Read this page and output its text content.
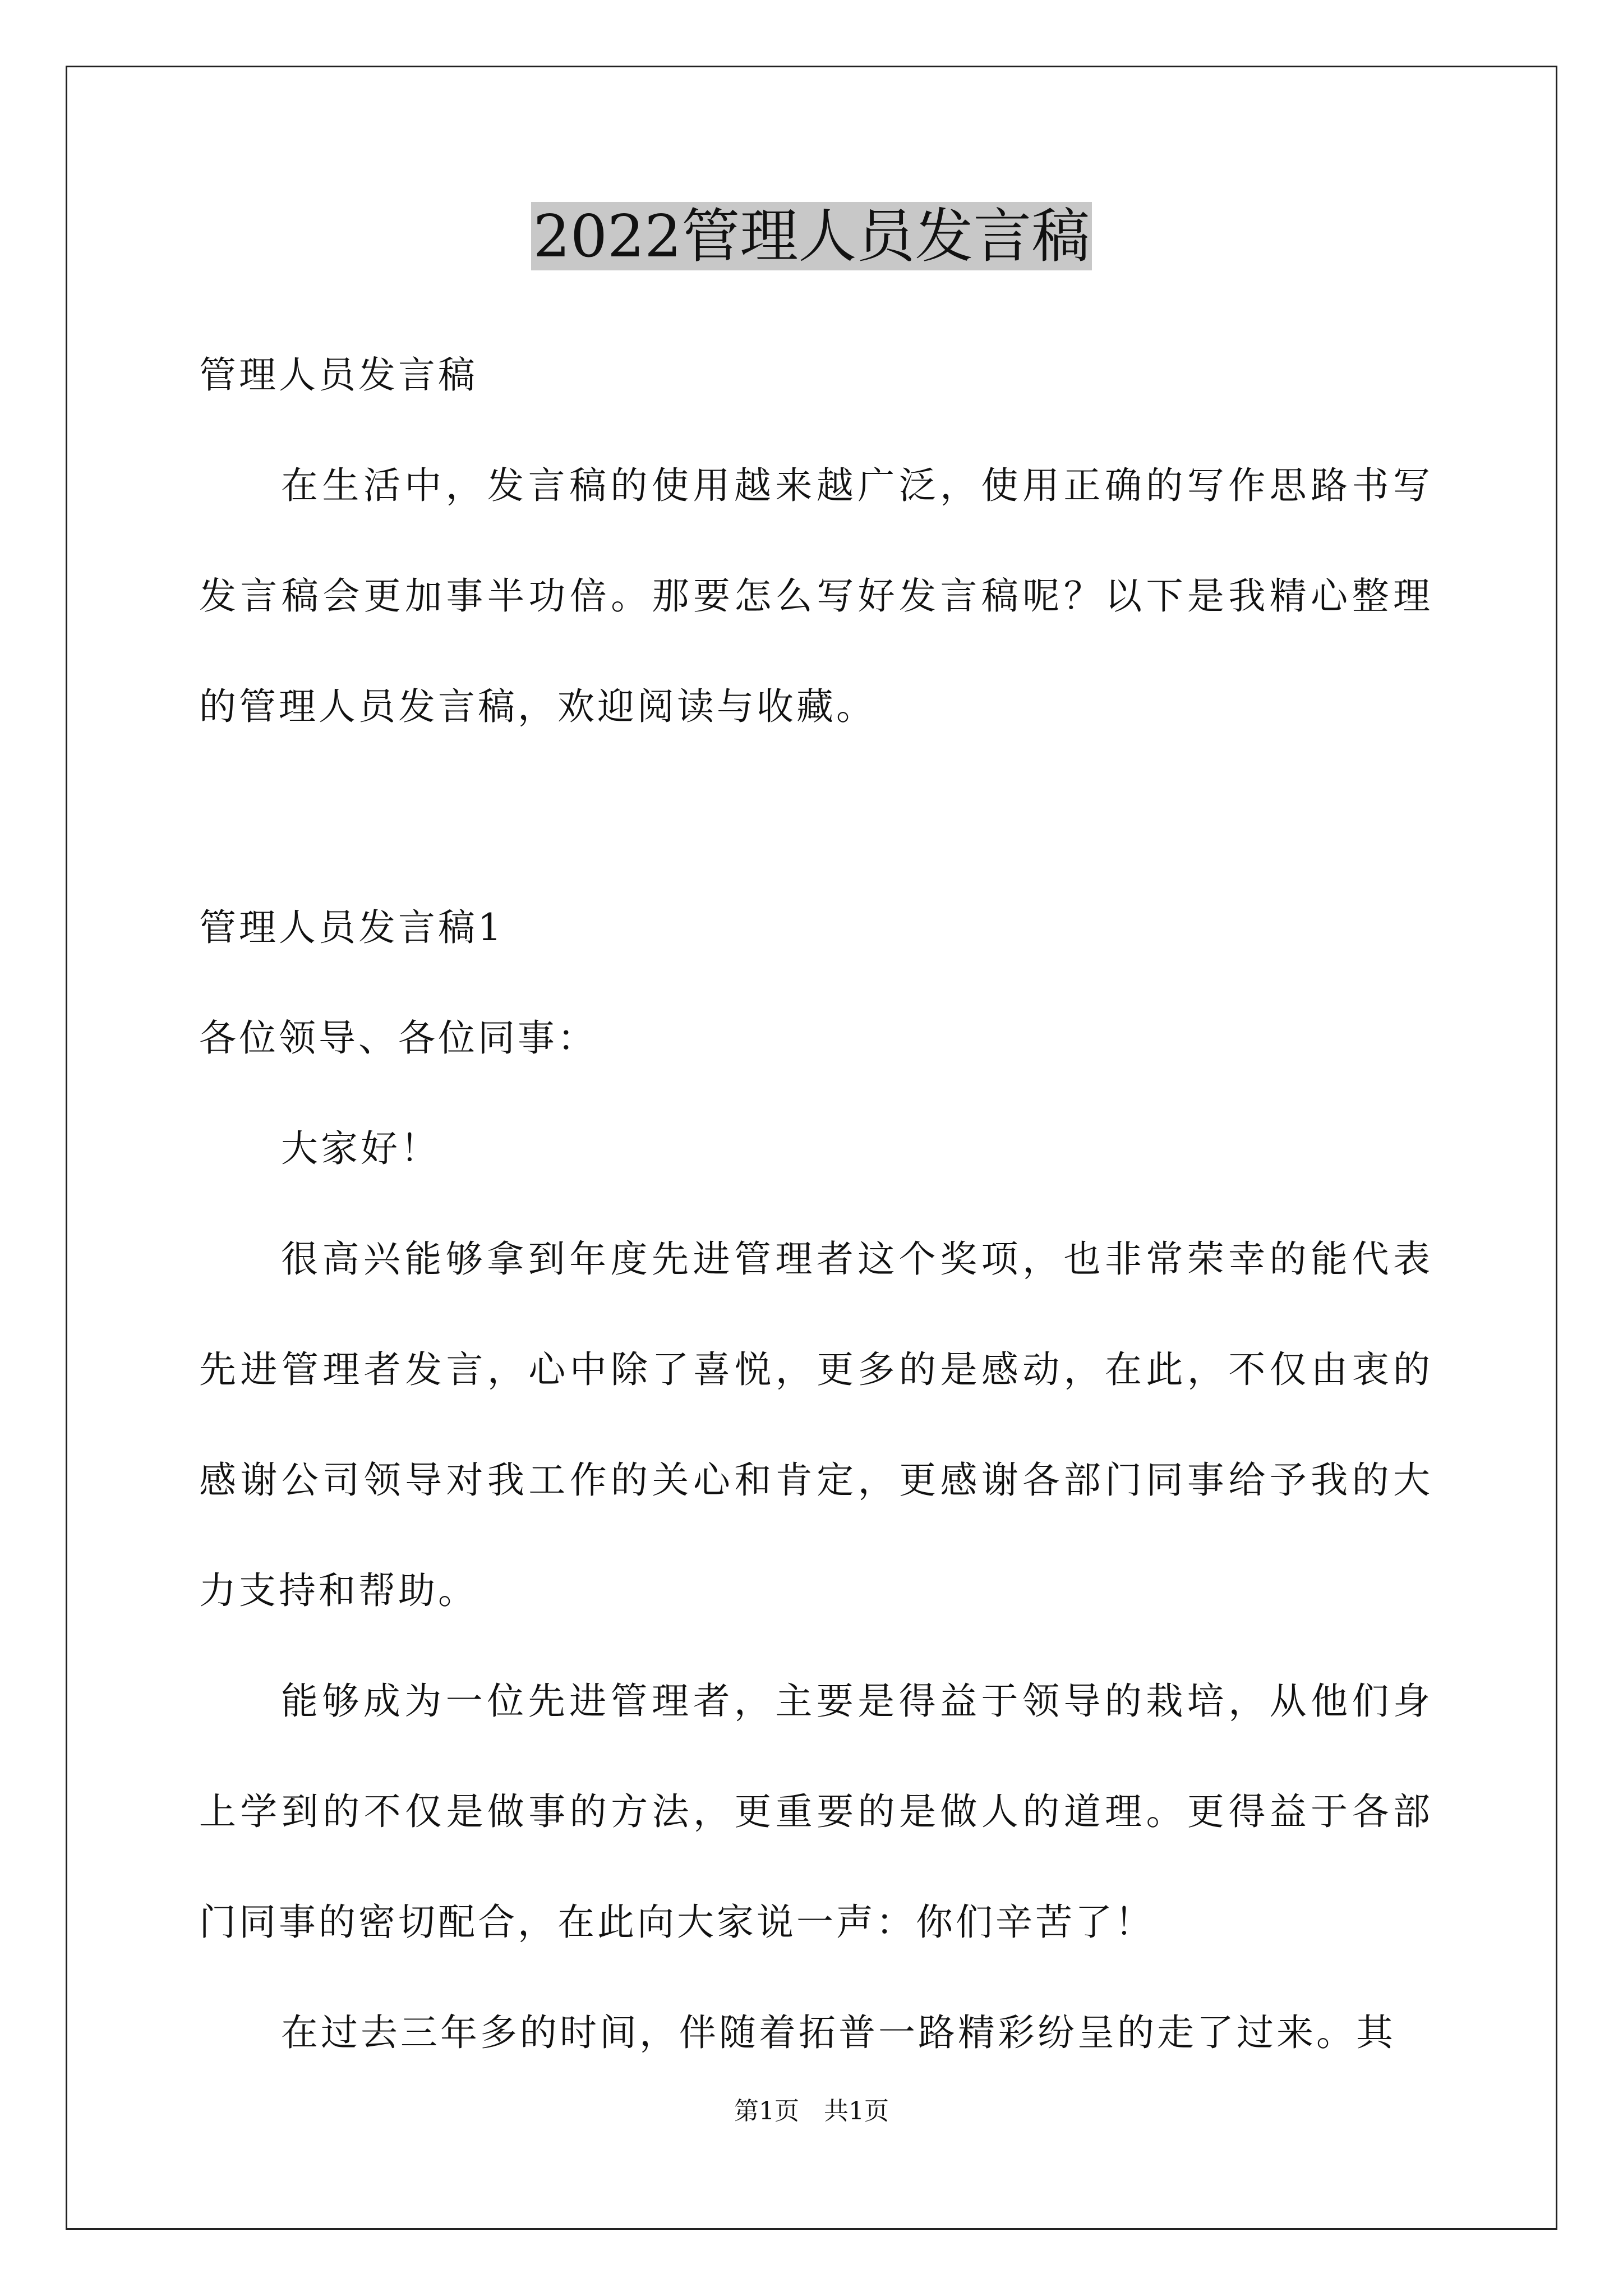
2022管理人员发言稿

管理人员发言稿

在生活中，发言稿的使用越来越广泛，使用正确的写作思路书写发言稿会更加事半功倍。那要怎么写好发言稿呢？以下是我精心整理的管理人员发言稿，欢迎阅读与收藏。

管理人员发言稿1

各位领导、各位同事：

大家好！

很高兴能够拿到年度先进管理者这个奖项，也非常荣幸的能代表先进管理者发言，心中除了喜悦，更多的是感动，在此，不仅由衷的感谢公司领导对我工作的关心和肯定，更感谢各部门同事给予我的大力支持和帮助。

能够成为一位先进管理者，主要是得益于领导的栽培，从他们身上学到的不仅是做事的方法，更重要的是做人的道理。更得益于各部门同事的密切配合，在此向大家说一声：你们辛苦了！

在过去三年多的时间，伴随着拓普一路精彩纷呈的走了过来。其

第1页　共1页
